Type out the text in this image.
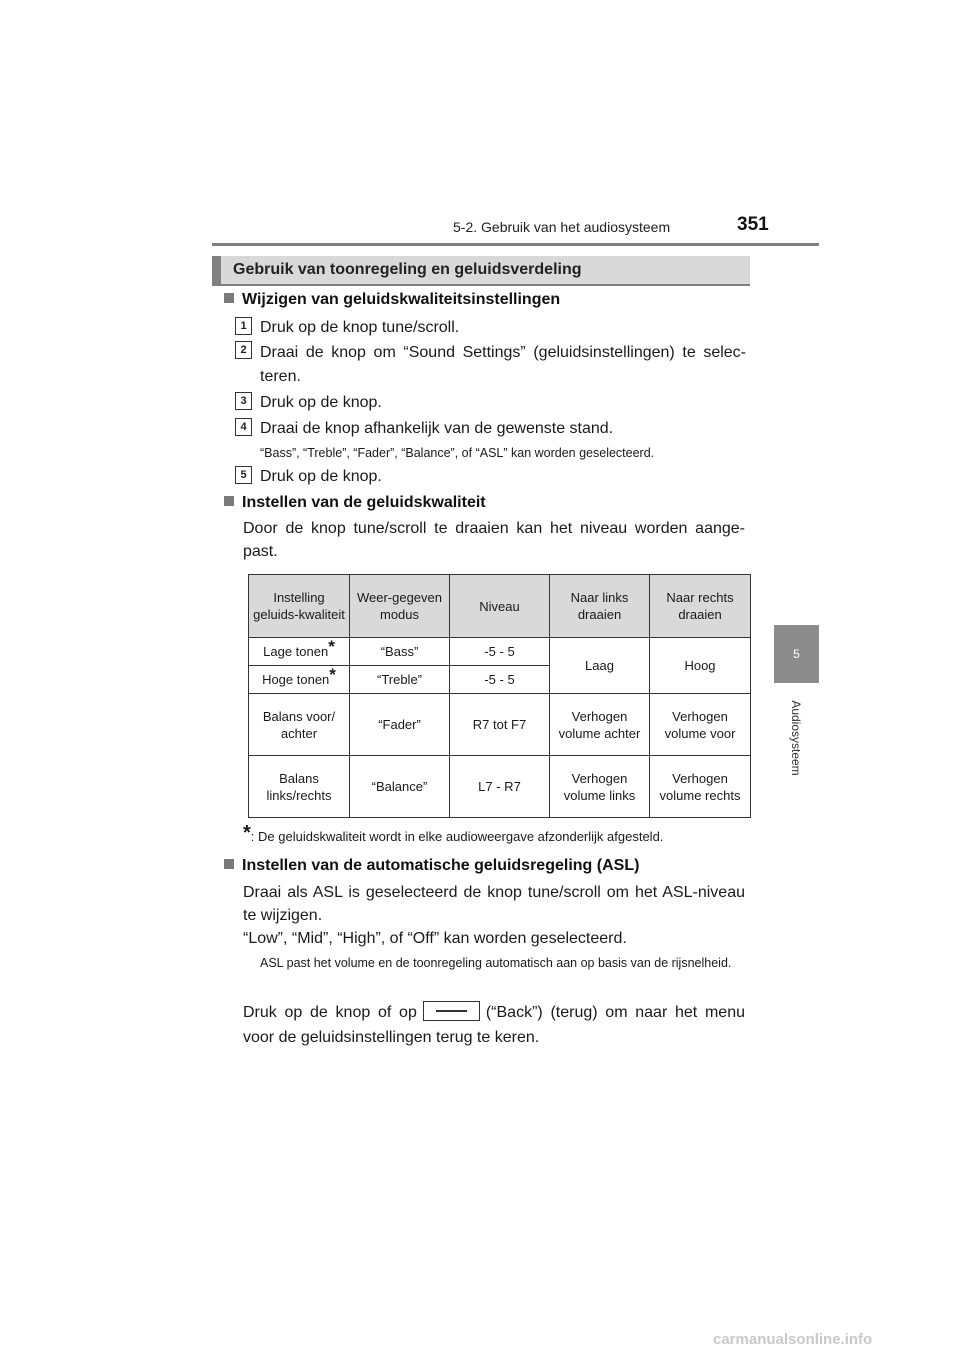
5-2. Gebruik van het audiosysteem	351
5
Audiosysteem
Gebruik van toonregeling en geluidsverdeling
Wijzigen van geluidskwaliteitsinstellingen
1 Druk op de knop tune/scroll.
2 Draai de knop om “Sound Settings” (geluidsinstellingen) te selec-teren.
3 Druk op de knop.
4 Draai de knop afhankelijk van de gewenste stand.
“Bass”, “Treble”, “Fader”, “Balance”, of “ASL” kan worden geselecteerd.
5 Druk op de knop.
Instellen van de geluidskwaliteit
Door de knop tune/scroll te draaien kan het niveau worden aange-past.
Instelling geluids-kwaliteit	Weer-gegeven modus	Niveau	Naar links draaien	Naar rechts draaien
Lage tonen*	“Bass”	-5 - 5	Laag	Hoog
Hoge tonen*	“Treble”	-5 - 5		
Balans voor/ achter	“Fader”	R7 tot F7	Verhogen volume achter	Verhogen volume voor
Balans links/rechts	“Balance”	L7 - R7	Verhogen volume links	Verhogen volume rechts
*: De geluidskwaliteit wordt in elke audioweergave afzonderlijk afgesteld.
Instellen van de automatische geluidsregeling (ASL)
Draai als ASL is geselecteerd de knop tune/scroll om het ASL-niveau te wijzigen.
“Low”, “Mid”, “High”, of “Off” kan worden geselecteerd.
ASL past het volume en de toonregeling automatisch aan op basis van de rijsnelheid.
Druk op de knop of op	(“Back”) (terug) om naar het menu voor de geluidsinstellingen terug te keren.
carmanualsonline.info
